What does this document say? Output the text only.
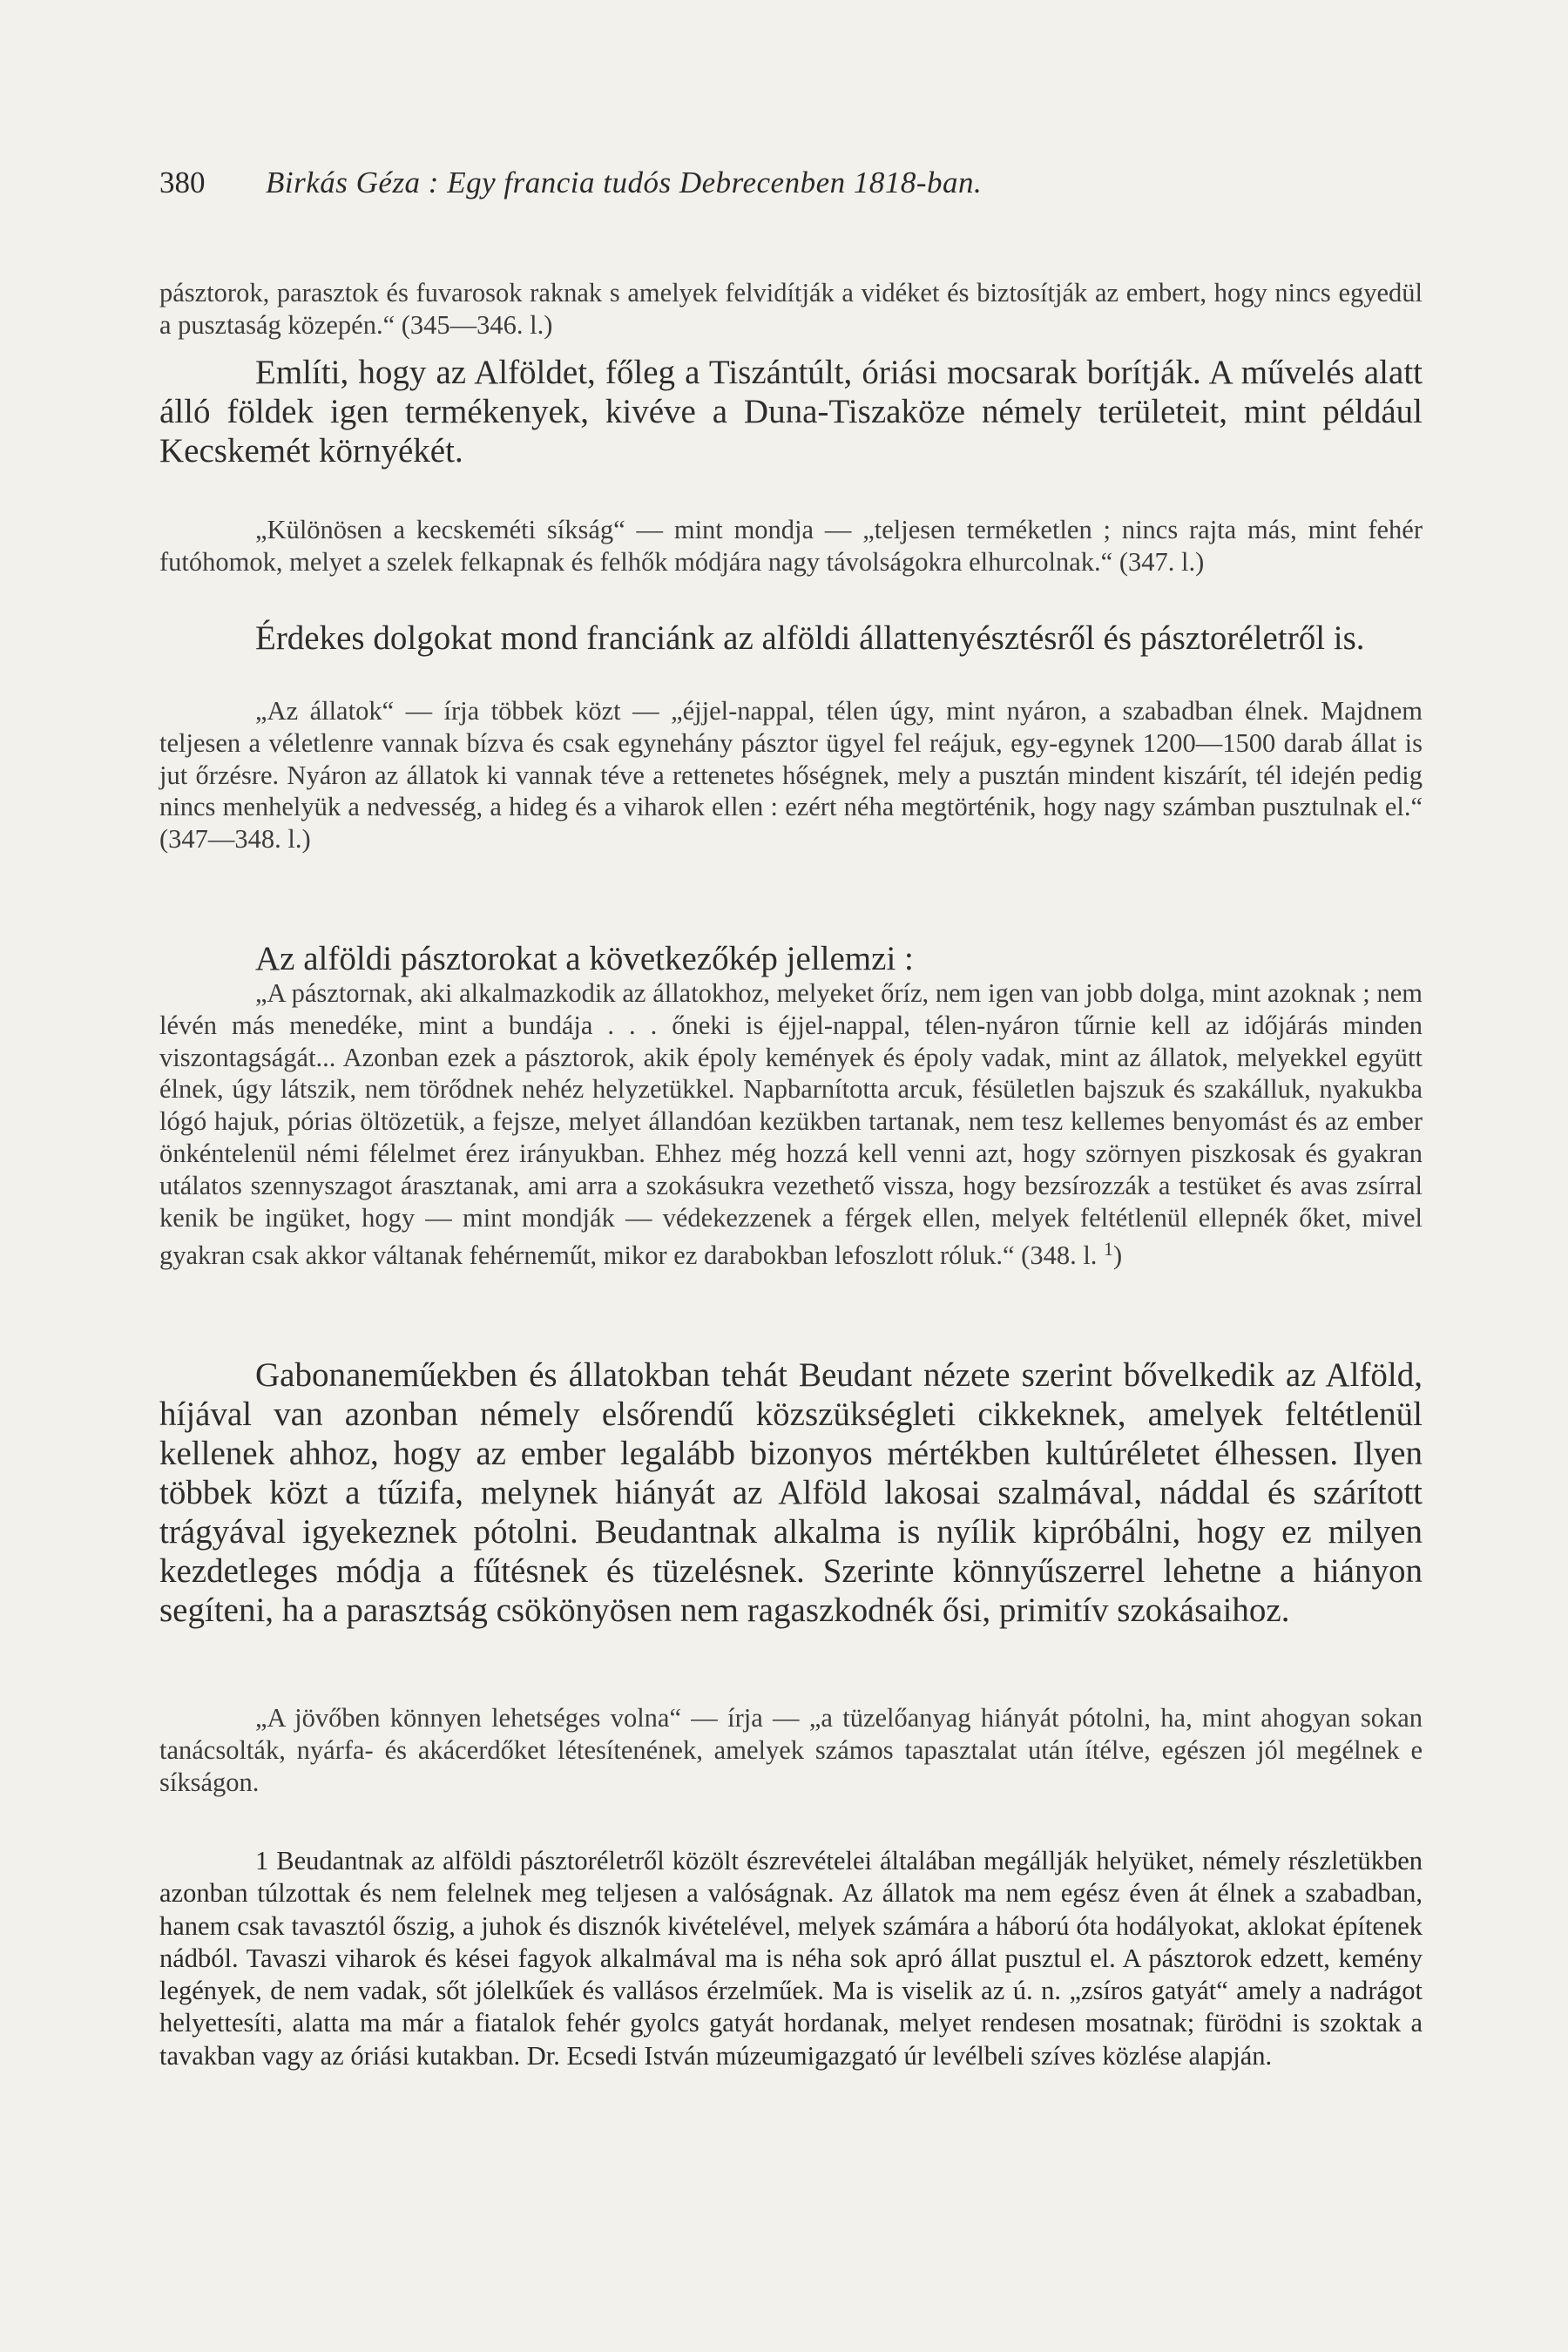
380 Birkás Géza : Egy francia tudós Debrecenben 1818-ban.

pásztorok, parasztok és fuvarosok raknak s amelyek felvidítják a vidéket és biztosítják az embert, hogy nincs egyedül a pusztaság közepén.“ (345—346. l.)

Említi, hogy az Alföldet, főleg a Tiszántúlt, óriási mocsarak borítják. A művelés alatt álló földek igen termékenyek, kivéve a Duna-Tiszaköze némely területeit, mint például Kecskemét környékét.

„Különösen a kecskeméti síkság“ — mint mondja — „teljesen terméketlen ; nincs rajta más, mint fehér futóhomok, melyet a szelek felkapnak és felhők módjára nagy távolságokra elhurcolnak.“ (347. l.)

Érdekes dolgokat mond franciánk az alföldi állattenyésztésről és pásztoréletről is.

„Az állatok“ — írja többek közt — „éjjel-nappal, télen úgy, mint nyáron, a szabadban élnek. Majdnem teljesen a véletlenre vannak bízva és csak egynehány pásztor ügyel fel reájuk, egy-egynek 1200—1500 darab állat is jut őrzésre. Nyáron az állatok ki vannak téve a rettenetes hőségnek, mely a pusztán mindent kiszárít, tél idején pedig nincs menhelyük a nedvesség, a hideg és a viharok ellen : ezért néha megtörténik, hogy nagy számban pusztulnak el.“ (347—348. l.)

Az alföldi pásztorokat a következőkép jellemzi :

„A pásztornak, aki alkalmazkodik az állatokhoz, melyeket őríz, nem igen van jobb dolga, mint azoknak ; nem lévén más menedéke, mint a bundája . . . őneki is éjjel-nappal, télen-nyáron tűrnie kell az időjárás minden viszontagságát... Azonban ezek a pásztorok, akik époly kemények és époly vadak, mint az állatok, melyekkel együtt élnek, úgy látszik, nem törődnek nehéz helyzetükkel. Napbarnította arcuk, fésületlen bajszuk és szakálluk, nyakukba lógó hajuk, pórias öltözetük, a fejsze, melyet állandóan kezükben tartanak, nem tesz kellemes benyomást és az ember önkéntelenül némi félelmet érez irányukban. Ehhez még hozzá kell venni azt, hogy szörnyen piszkosak és gyakran utálatos szennyszagot árasztanak, ami arra a szokásukra vezethető vissza, hogy bezsírozzák a testüket és avas zsírral kenik be ingüket, hogy — mint mondják — védekezzenek a férgek ellen, melyek feltétlenül ellepnék őket, mivel gyakran csak akkor váltanak fehérneműt, mikor ez darabokban lefoszlott róluk.“ (348. l. $^1$)

Gabonaneműekben és állatokban tehát Beudant nézete szerint bővelkedik az Alföld, híjával van azonban némely elsőrendű közszükségleti cikkeknek, amelyek feltétlenül kellenek ahhoz, hogy az ember legalább bizonyos mértékben kultúréletet élhessen. Ilyen többek közt a tűzifa, melynek hiányát az Alföld lakosai szalmával, náddal és szárított trágyával igyekeznek pótolni. Beudantnak alkalma is nyílik kipróbálni, hogy ez milyen kezdetleges módja a fűtésnek és tüzelésnek. Szerinte könnyűszerrel lehetne a hiányon segíteni, ha a parasztság csökönyösen nem ragaszkodnék ősi, primitív szokásaihoz.

„A jövőben könnyen lehetséges volna“ — írja — „a tüzelőanyag hiányát pótolni, ha, mint ahogyan sokan tanácsolták, nyárfa- és akácerdőket létesítenének, amelyek számos tapasztalat után ítélve, egészen jól megélnek e síkságon.

1 Beudantnak az alföldi pásztoréletről közölt észrevételei általában megállják helyüket, némely részletükben azonban túlzottak és nem felelnek meg teljesen a valóságnak. Az állatok ma nem egész éven át élnek a szabadban, hanem csak tavasztól őszig, a juhok és disznók kivételével, melyek számára a háború óta hodályokat, aklokat építenek nádból. Tavaszi viharok és kései fagyok alkalmával ma is néha sok apró állat pusztul el. A pásztorok edzett, kemény legények, de nem vadak, sőt jólelkűek és vallásos érzelműek. Ma is viselik az ú. n. „zsíros gatyát“ amely a nadrágot helyettesíti, alatta ma már a fiatalok fehér gyolcs gatyát hordanak, melyet rendesen mosatnak; fürödni is szoktak a tavakban vagy az óriási kutakban. Dr. Ecsedi István múzeumigazgató úr levélbeli szíves közlése alapján.
